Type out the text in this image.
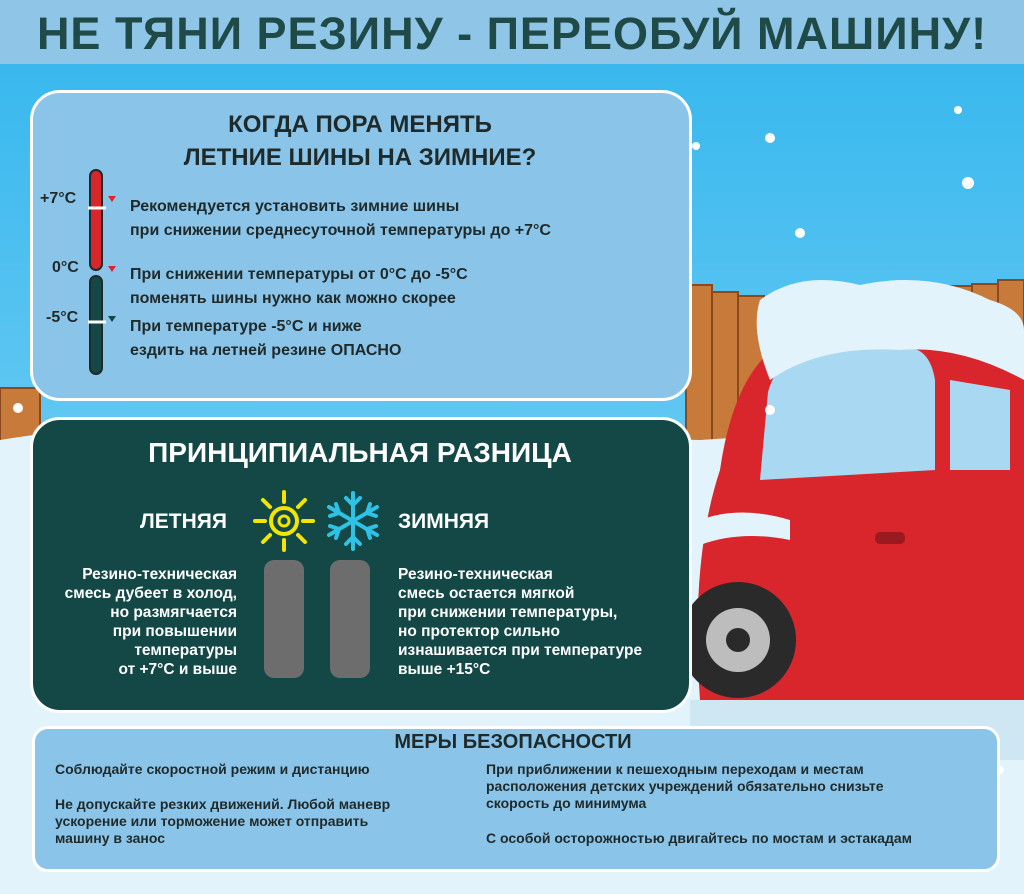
НЕ ТЯНИ РЕЗИНУ - ПЕРЕОБУЙ МАШИНУ!
КОГДА ПОРА МЕНЯТЬ
ЛЕТНИЕ ШИНЫ НА ЗИМНИЕ?
+7°C
0°C
-5°C
Рекомендуется установить зимние шины
при снижении среднесуточной температуры до +7°C
При снижении температуры от 0°C до -5°C
поменять шины нужно как можно скорее
При температуре -5°C и ниже
ездить на летней резине ОПАСНО
ПРИНЦИПИАЛЬНАЯ РАЗНИЦА
ЛЕТНЯЯ	ЗИМНЯЯ
Резино-техническая
смесь дубеет в холод,
но размягчается
при повышении
температуры
от +7°C и выше
Резино-техническая
смесь остается мягкой
при снижении температуры,
но протектор сильно
изнашивается при температуре
выше +15°C
МЕРЫ БЕЗОПАСНОСТИ
Соблюдайте скоростной режим и дистанцию
Не допускайте резких движений. Любой маневр
ускорение или торможение может отправить
машину в занос
При приближении к пешеходным переходам и местам
расположения детских учреждений обязательно снизьте
скорость до минимума
С особой осторожностью двигайтесь по мостам и эстакадам
